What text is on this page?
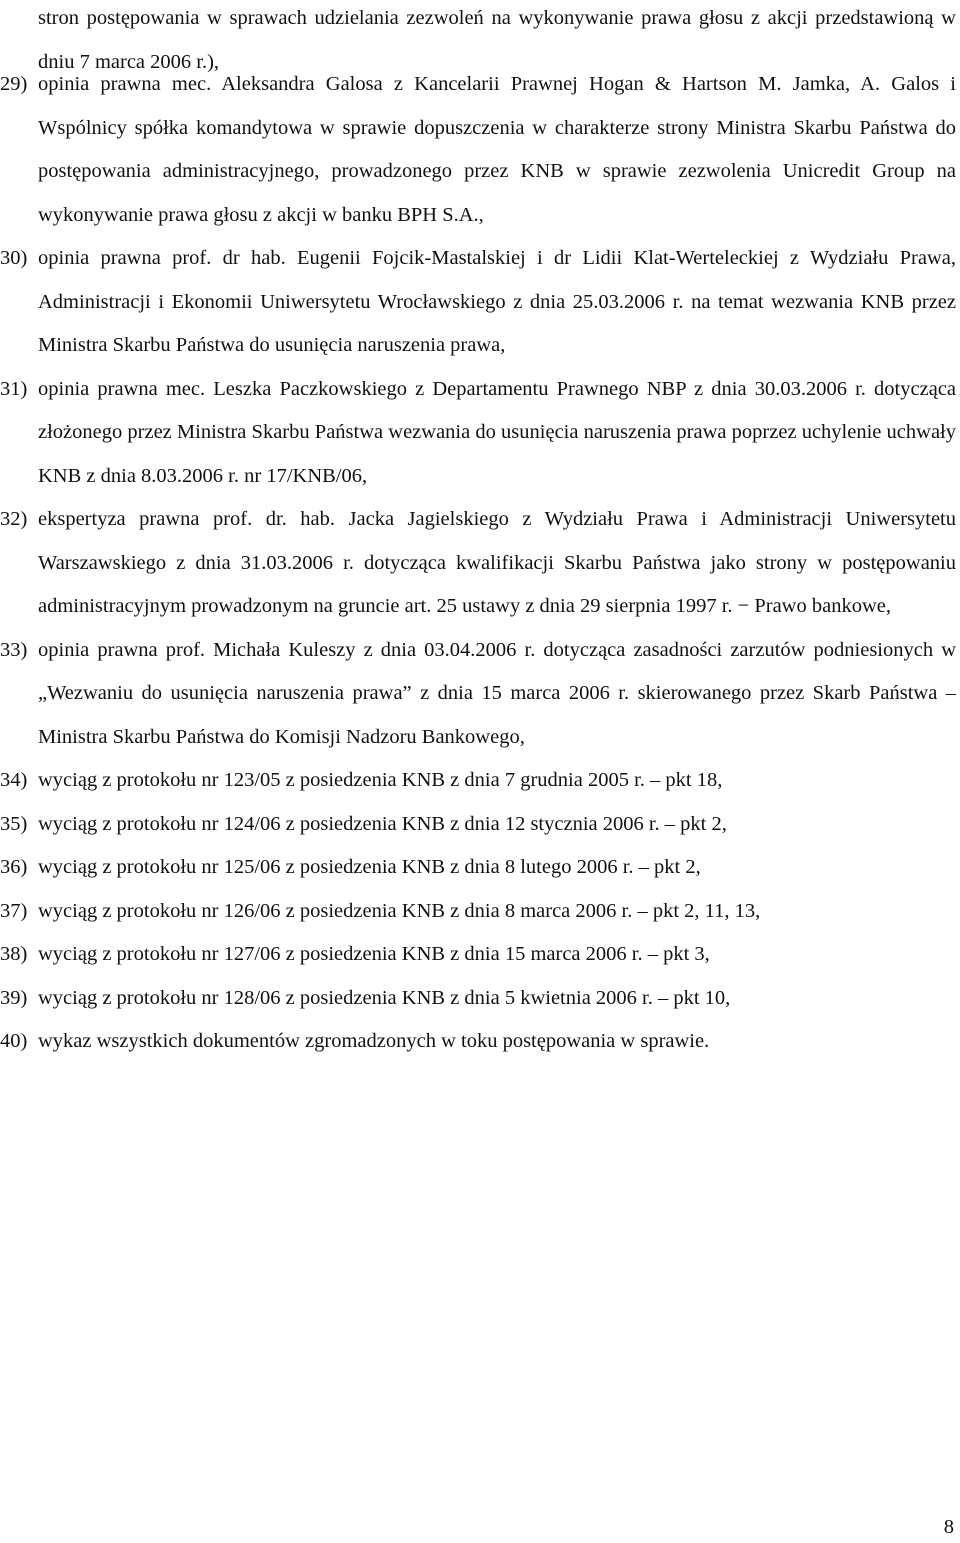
stron postępowania w sprawach udzielania zezwoleń na wykonywanie prawa głosu z akcji przedstawioną w dniu 7 marca 2006 r.),
29) opinia prawna mec. Aleksandra Galosa z Kancelarii Prawnej Hogan & Hartson M. Jamka, A. Galos i Wspólnicy spółka komandytowa w sprawie dopuszczenia w charakterze strony Ministra Skarbu Państwa do postępowania administracyjnego, prowadzonego przez KNB w sprawie zezwolenia Unicredit Group na wykonywanie prawa głosu z akcji w banku BPH S.A.,
30) opinia prawna prof. dr hab. Eugenii Fojcik-Mastalskiej i dr Lidii Klat-Werteleckiej z Wydziału Prawa, Administracji i Ekonomii Uniwersytetu Wrocławskiego z dnia 25.03.2006 r. na temat wezwania KNB przez Ministra Skarbu Państwa do usunięcia naruszenia prawa,
31) opinia prawna mec. Leszka Paczkowskiego z Departamentu Prawnego NBP z dnia 30.03.2006 r. dotycząca złożonego przez Ministra Skarbu Państwa wezwania do usunięcia naruszenia prawa poprzez uchylenie uchwały KNB z dnia 8.03.2006 r. nr 17/KNB/06,
32) ekspertyza prawna prof. dr. hab. Jacka Jagielskiego z Wydziału Prawa i Administracji Uniwersytetu Warszawskiego z dnia 31.03.2006 r. dotycząca kwalifikacji Skarbu Państwa jako strony w postępowaniu administracyjnym prowadzonym na gruncie art. 25 ustawy z dnia 29 sierpnia 1997 r. − Prawo bankowe,
33) opinia prawna prof. Michała Kuleszy z dnia 03.04.2006 r. dotycząca zasadności zarzutów podniesionych w „Wezwaniu do usunięcia naruszenia prawa” z dnia 15 marca 2006 r. skierowanego przez Skarb Państwa – Ministra Skarbu Państwa do Komisji Nadzoru Bankowego,
34) wyciąg z protokołu nr 123/05 z posiedzenia KNB z dnia 7 grudnia 2005 r. – pkt 18,
35) wyciąg z protokołu nr 124/06 z posiedzenia KNB z dnia 12 stycznia 2006 r. – pkt 2,
36) wyciąg z protokołu nr 125/06 z posiedzenia KNB z dnia 8 lutego 2006 r. – pkt 2,
37) wyciąg z protokołu nr 126/06 z posiedzenia KNB z dnia 8 marca 2006 r. – pkt 2, 11, 13,
38) wyciąg z protokołu nr 127/06 z posiedzenia KNB z dnia 15 marca 2006 r. – pkt 3,
39) wyciąg z protokołu nr 128/06 z posiedzenia KNB z dnia 5 kwietnia 2006 r. – pkt 10,
40) wykaz wszystkich dokumentów zgromadzonych w toku postępowania w sprawie.
8
